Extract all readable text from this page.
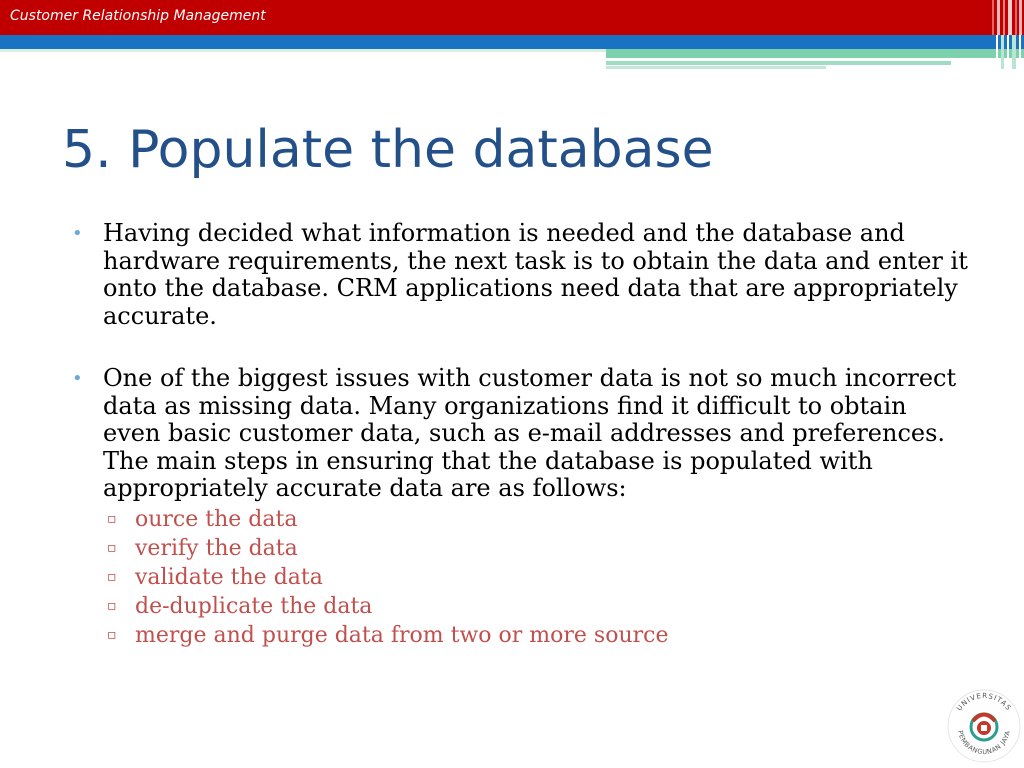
Customer Relationship Management
5. Populate the database
• Having decided what information is needed and the database and hardware requirements, the next task is to obtain the data and enter it onto the database. CRM applications need data that are appropriately accurate.
• One of the biggest issues with customer data is not so much incorrect data as missing data. Many organizations find it difficult to obtain even basic customer data, such as e-mail addresses and preferences. The main steps in ensuring that the database is populated with appropriately accurate data are as follows:
▫ ource the data
▫ verify the data
▫ validate the data
▫ de-duplicate the data
▫ merge and purge data from two or more source
UNIVERSITAS
PEMBANGUNAN JAYA
